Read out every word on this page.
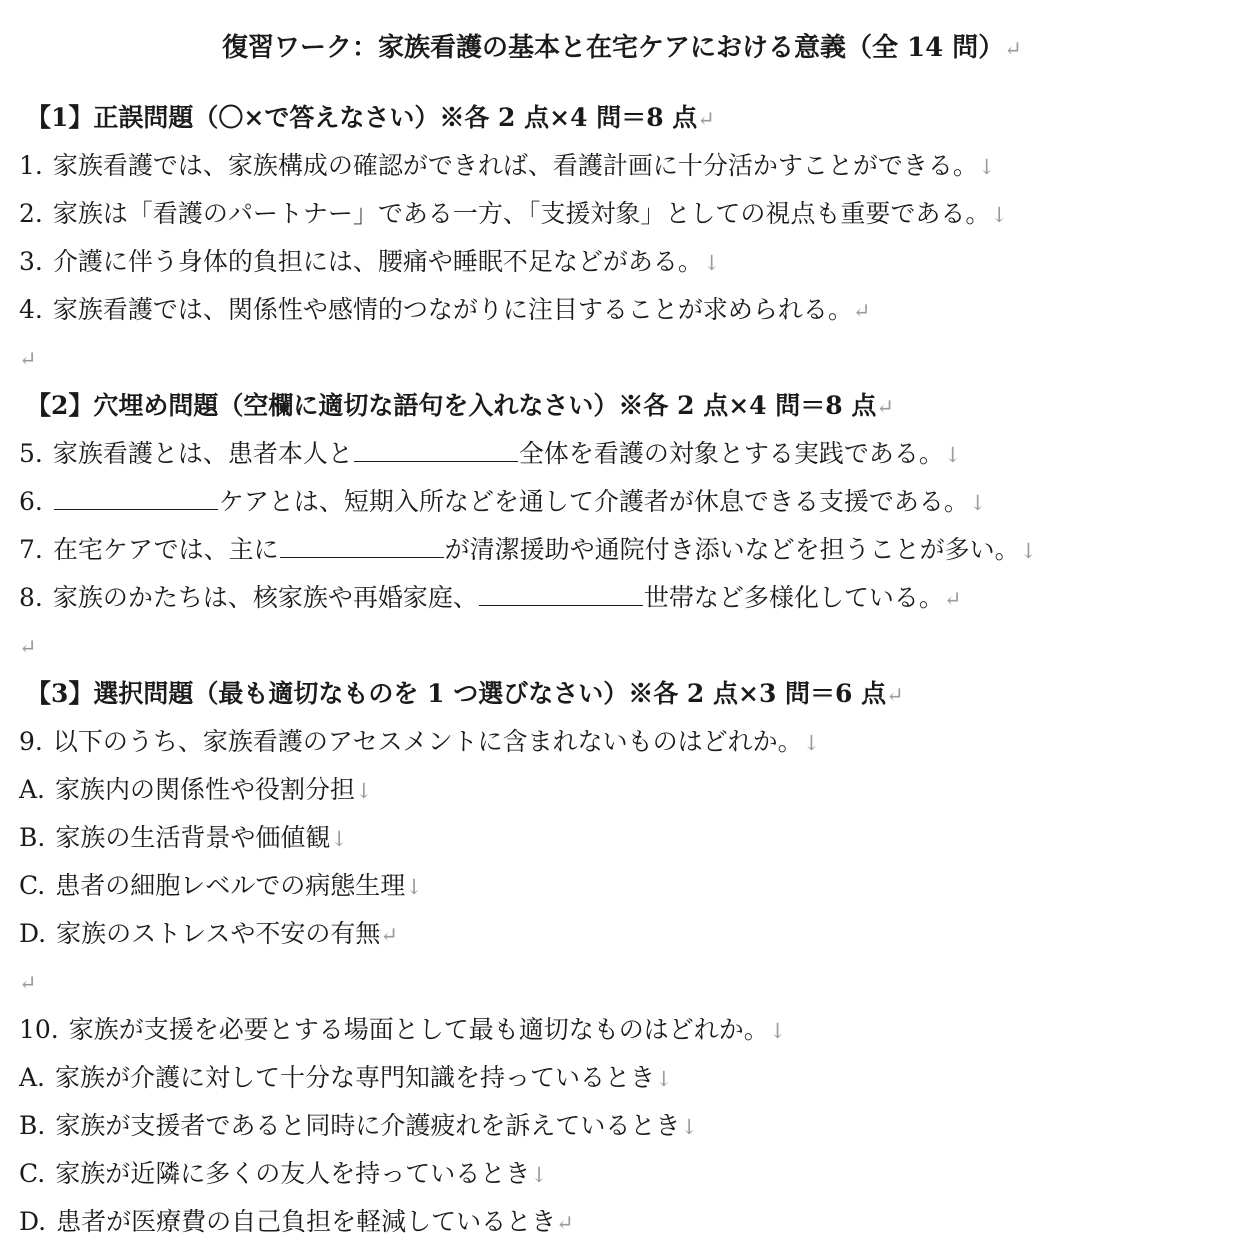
復習ワーク：家族看護の基本と在宅ケアにおける意義（全 14 問）↵
【1】正誤問題（〇×で答えなさい）※各 2 点×4 問＝8 点↵
1. 家族看護では、家族構成の確認ができれば、看護計画に十分活かすことができる。↓
2. 家族は「看護のパートナー」である一方、「支援対象」としての視点も重要である。↓
3. 介護に伴う身体的負担には、腰痛や睡眠不足などがある。↓
4. 家族看護では、関係性や感情的つながりに注目することが求められる。↵
↵
【2】穴埋め問題（空欄に適切な語句を入れなさい）※各 2 点×4 問＝8 点↵
5. 家族看護とは、患者本人と	全体を看護の対象とする実践である。↓
6.	ケアとは、短期入所などを通して介護者が休息できる支援である。↓
7. 在宅ケアでは、主に	が清潔援助や通院付き添いなどを担うことが多い。↓
8. 家族のかたちは、核家族や再婚家庭、	世帯など多様化している。↵
↵
【3】選択問題（最も適切なものを 1 つ選びなさい）※各 2 点×3 問＝6 点↵
9. 以下のうち、家族看護のアセスメントに含まれないものはどれか。↓
A. 家族内の関係性や役割分担↓
B. 家族の生活背景や価値観↓
C. 患者の細胞レベルでの病態生理↓
D. 家族のストレスや不安の有無↵
↵
10. 家族が支援を必要とする場面として最も適切なものはどれか。↓
A. 家族が介護に対して十分な専門知識を持っているとき↓
B. 家族が支援者であると同時に介護疲れを訴えているとき↓
C. 家族が近隣に多くの友人を持っているとき↓
D. 患者が医療費の自己負担を軽減しているとき↵
